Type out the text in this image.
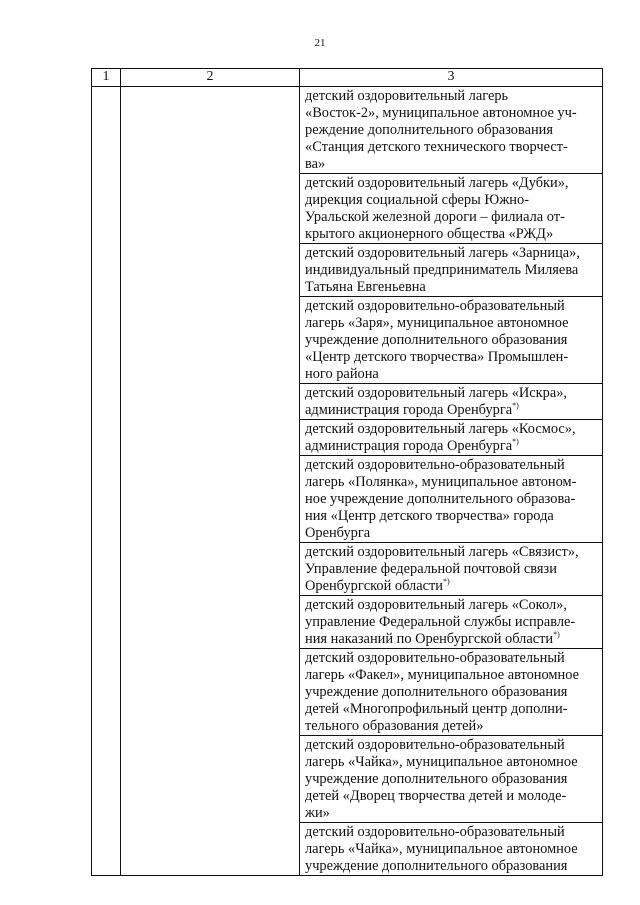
21
1	2	3

		детский оздоровительный лагерь
«Восток-2», муниципальное автономное уч-
реждение дополнительного образования
«Станция детского технического творчест-
ва»

		детский оздоровительный лагерь «Дубки»,
дирекция социальной сферы Южно-
Уральской железной дороги – филиала от-
крытого акционерного общества «РЖД»

		детский оздоровительный лагерь «Зарница»,
индивидуальный предприниматель Миляева
Татьяна Евгеньевна

		детский оздоровительно-образовательный
лагерь «Заря», муниципальное автономное
учреждение дополнительного образования
«Центр детского творчества» Промышлен-
ного района

		детский оздоровительный лагерь «Искра»,
администрация города Оренбурга*)

		детский оздоровительный лагерь «Космос»,
администрация города Оренбурга*)

		детский оздоровительно-образовательный
лагерь «Полянка», муниципальное автоном-
ное учреждение дополнительного образова-
ния «Центр детского творчества» города
Оренбурга

		детский оздоровительный лагерь «Связист»,
Управление федеральной почтовой связи
Оренбургской области*)

		детский оздоровительный лагерь «Сокол»,
управление Федеральной службы исправле-
ния наказаний по Оренбургской области*)

		детский оздоровительно-образовательный
лагерь «Факел», муниципальное автономное
учреждение дополнительного образования
детей «Многопрофильный центр дополни-
тельного образования детей»

		детский оздоровительно-образовательный
лагерь «Чайка», муниципальное автономное
учреждение дополнительного образования
детей «Дворец творчества детей и молоде-
жи»

		детский оздоровительно-образовательный
лагерь «Чайка», муниципальное автономное
учреждение дополнительного образования
